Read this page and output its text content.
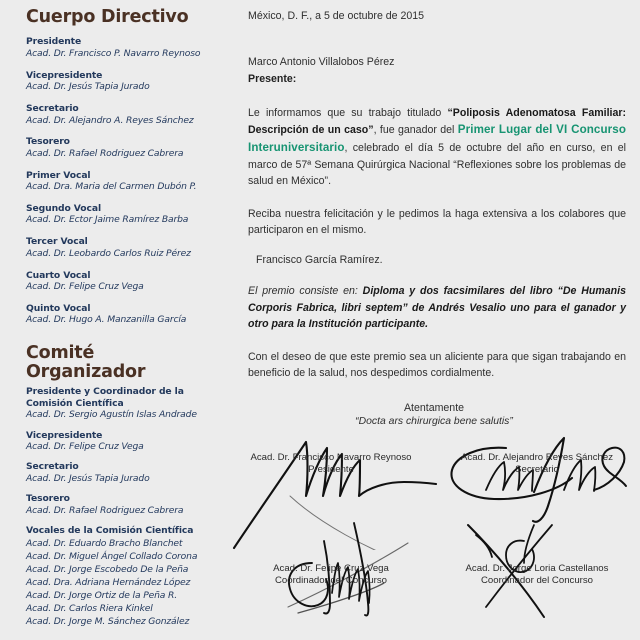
Cuerpo Directivo
Presidente
Acad. Dr. Francisco P. Navarro Reynoso
Vicepresidente
Acad. Dr. Jesús Tapia Jurado
Secretario
Acad. Dr. Alejandro A. Reyes Sánchez
Tesorero
Acad. Dr. Rafael Rodriguez Cabrera
Primer Vocal
Acad. Dra. Maria del Carmen Dubón P.
Segundo Vocal
Acad. Dr. Ector Jaime Ramírez Barba
Tercer Vocal
Acad. Dr. Leobardo Carlos Ruiz Pérez
Cuarto Vocal
Acad. Dr. Felipe Cruz Vega
Quinto Vocal
Acad. Dr. Hugo A. Manzanilla García
Comité Organizador
Presidente y Coordinador de la
Comisión Científica
Acad. Dr. Sergio Agustín Islas Andrade
Vicepresidente
Acad. Dr. Felipe Cruz Vega
Secretario
Acad. Dr. Jesús Tapia Jurado
Tesorero
Acad. Dr. Rafael Rodriguez Cabrera
Vocales de la Comisión Científica
Acad. Dr. Eduardo Bracho Blanchet
Acad. Dr. Miguel Ángel Collado Corona
Acad. Dr. Jorge Escobedo De la Peña
Acad. Dra. Adriana Hernández López
Acad. Dr. Jorge Ortiz de la Peña R.
Acad. Dr. Carlos Riera Kinkel
Acad. Dr. Jorge M. Sánchez González
México, D. F., a 5 de octubre de 2015
Marco Antonio Villalobos Pérez
Presente:

Le informamos que su trabajo titulado “Poliposis Adenomatosa Familiar: Descripción de un caso”, fue ganador del Primer Lugar del VI Concurso Interuniversitario, celebrado el día 5 de octubre del año en curso, en el marco de 57ª Semana Quirúrgica Nacional “Reflexiones sobre los problemas de salud en México”.

Reciba nuestra felicitación y le pedimos la haga extensiva a los colabores que participaron en el mismo.

Francisco García Ramírez.

El premio consiste en: Diploma y dos facsimilares del libro “De Humanis Corporis Fabrica, libri septem” de Andrés Vesalio uno para el ganador y otro para la Institución participante.

Con el deseo de que este premio sea un aliciente para que sigan trabajando en beneficio de la salud, nos despedimos cordialmente.

Atentamente
“Docta ars chirurgica bene salutis”
Acad. Dr. Francisco Navarro Reynoso
Presidente
Acad. Dr. Alejandro Reyes Sánchez
Secretario
Acad. Dr. Felipe Cruz Vega
Coordinador del Concurso
Acad. Dr. Jorge Loria Castellanos
Coordinador del Concurso
